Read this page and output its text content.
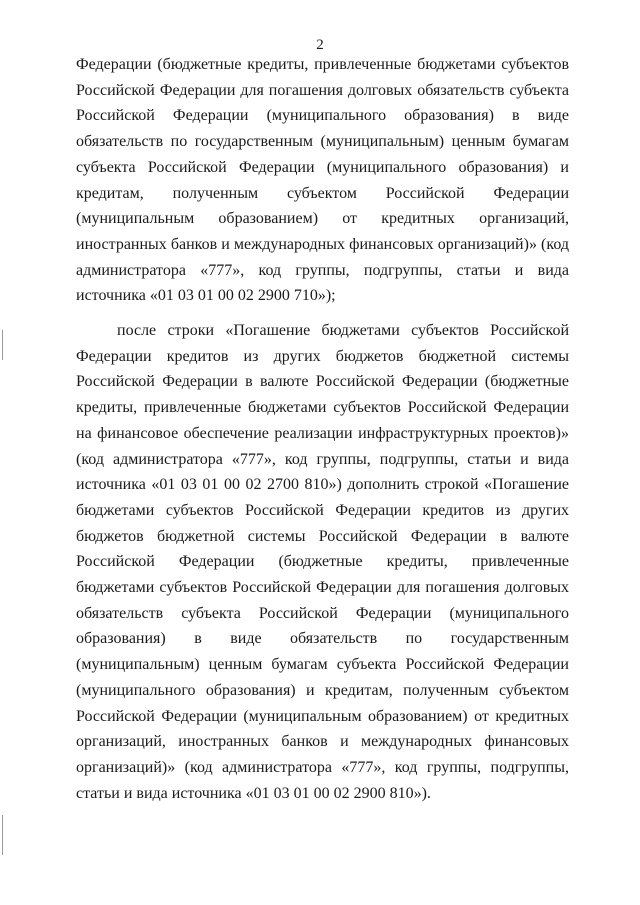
2

Федерации (бюджетные кредиты, привлеченные бюджетами субъектов Российской Федерации для погашения долговых обязательств субъекта Российской Федерации (муниципального образования) в виде обязательств по государственным (муниципальным) ценным бумагам субъекта Российской Федерации (муниципального образования) и кредитам, полученным субъектом Российской Федерации (муниципальным образованием) от кредитных организаций, иностранных банков и международных финансовых организаций)» (код администратора «777», код группы, подгруппы, статьи и вида источника «01 03 01 00 02 2900 710»);

после строки «Погашение бюджетами субъектов Российской Федерации кредитов из других бюджетов бюджетной системы Российской Федерации в валюте Российской Федерации (бюджетные кредиты, привлеченные бюджетами субъектов Российской Федерации на финансовое обеспечение реализации инфраструктурных проектов)» (код администратора «777», код группы, подгруппы, статьи и вида источника «01 03 01 00 02 2700 810») дополнить строкой «Погашение бюджетами субъектов Российской Федерации кредитов из других бюджетов бюджетной системы Российской Федерации в валюте Российской Федерации (бюджетные кредиты, привлеченные бюджетами субъектов Российской Федерации для погашения долговых обязательств субъекта Российской Федерации (муниципального образования) в виде обязательств по государственным (муниципальным) ценным бумагам субъекта Российской Федерации (муниципального образования) и кредитам, полученным субъектом Российской Федерации (муниципальным образованием) от кредитных организаций, иностранных банков и международных финансовых организаций)» (код администратора «777», код группы, подгруппы, статьи и вида источника «01 03 01 00 02 2900 810»).
